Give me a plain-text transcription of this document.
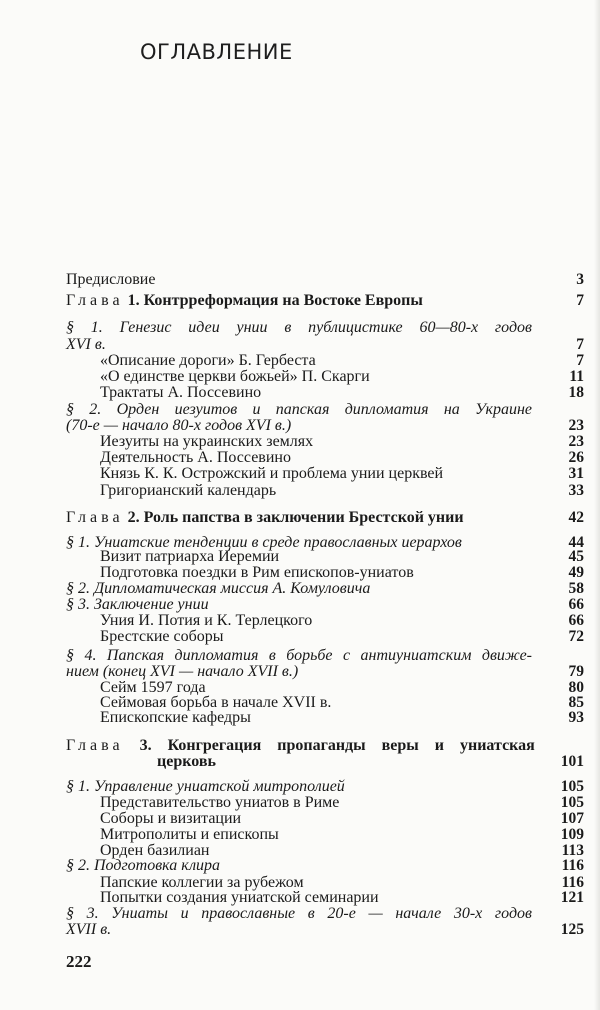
ОГЛАВЛЕНИЕ
Предисловие	3
Глава 1. Контрреформация на Востоке Европы	7
§ 1. Генезис идеи унии в публицистике 60—80-х годов
XVI в.	7
«Описание дороги» Б. Гербеста	7
«О единстве церкви божьей» П. Скарги	11
Трактаты А. Поссевино	18
§ 2. Орден иезуитов и папская дипломатия на Украине
(70-е — начало 80-х годов XVI в.)	23
Иезуиты на украинских землях	23
Деятельность А. Поссевино	26
Князь К. К. Острожский и проблема унии церквей	31
Григорианский календарь	33
Глава 2. Роль папства в заключении Брестской унии	42
§ 1. Униатские тенденции в среде православных иерархов	44
Визит патриарха Иеремии	45
Подготовка поездки в Рим епископов-униатов	49
§ 2. Дипломатическая миссия А. Комуловича	58
§ 3. Заключение унии	66
Уния И. Потия и К. Терлецкого	66
Брестские соборы	72
§ 4. Папская дипломатия в борьбе с антиуниатским движе-
нием (конец XVI — начало XVII в.)	79
Сейм 1597 года	80
Сеймовая борьба в начале XVII в.	85
Епископские кафедры	93
Глава 3. Конгрегация пропаганды веры и униатская
церковь	101
§ 1. Управление униатской митрополией	105
Представительство униатов в Риме	105
Соборы и визитации	107
Митрополиты и епископы	109
Орден базилиан	113
§ 2. Подготовка клира	116
Папские коллегии за рубежом	116
Попытки создания униатской семинарии	121
§ 3. Униаты и православные в 20-е — начале 30-х годов
XVII в.	125
222
